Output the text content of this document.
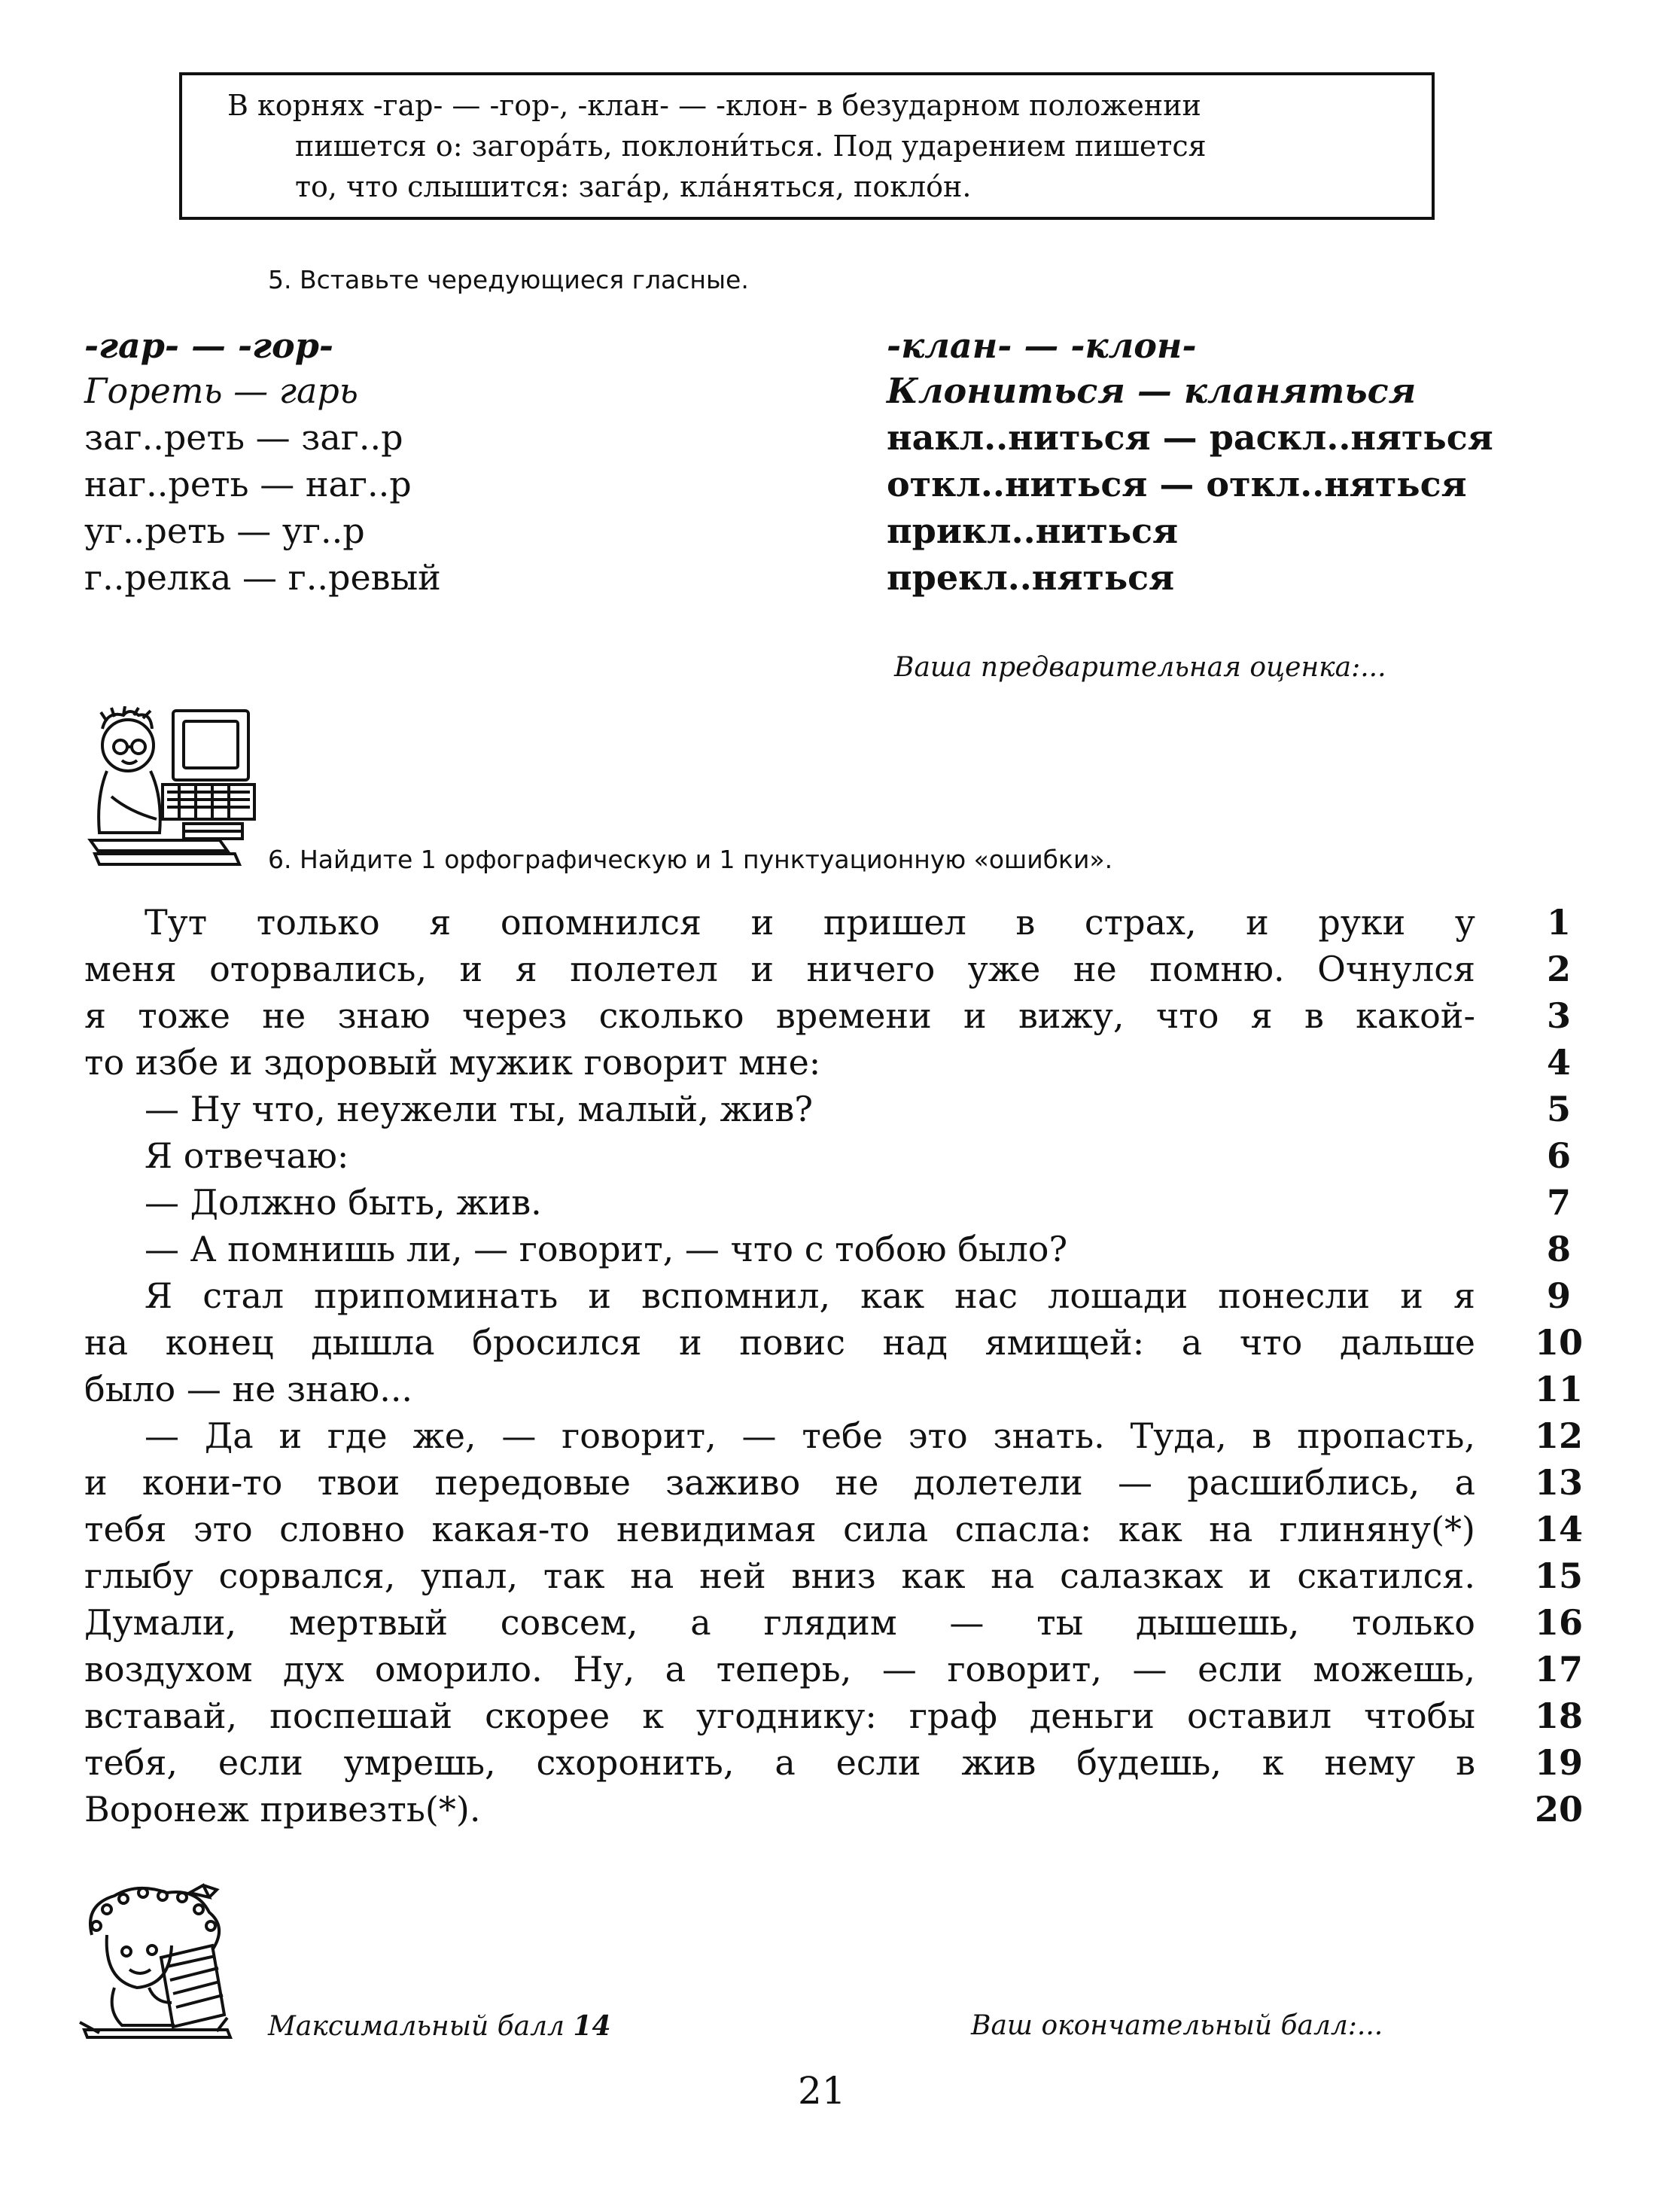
В корнях -гар- — -гор-, -клан- — -клон- в безударном положении
пишется о: загора́ть, поклони́ться. Под ударением пишется
то, что слышится: зага́р, кла́няться, покло́н.
5. Вставьте чередующиеся гласные.
-гар- — -гор-
Гореть — гарь
заг..реть — заг..р
наг..реть — наг..р
уг..реть — уг..р
г..релка — г..ревый
-клан- — -клон-
Клониться — кланяться
накл..ниться — раскл..няться
откл..ниться — откл..няться
прикл..ниться
прекл..няться
Ваша предварительная оценка:...
6. Найдите 1 орфографическую и 1 пунктуационную «ошибки».
Тут только я опомнился и пришел в страх, и руки у
меня оторвались, и я полетел и ничего уже не помню. Очнулся
я тоже не знаю через сколько времени и вижу, что я в какой-
то избе и здоровый мужик говорит мне:
— Ну что, неужели ты, малый, жив?
Я отвечаю:
— Должно быть, жив.
— А помнишь ли, — говорит, — что с тобою было?
Я стал припоминать и вспомнил, как нас лошади понесли и я
на конец дышла бросился и повис над ямищей: а что дальше
было — не знаю...
— Да и где же, — говорит, — тебе это знать. Туда, в пропасть,
и кони-то твои передовые заживо не долетели — расшиблись, а
тебя это словно какая-то невидимая сила спасла: как на глиняну(*)
глыбу сорвался, упал, так на ней вниз как на салазках и скатился.
Думали, мертвый совсем, а глядим — ты дышешь, только
воздухом дух оморило. Ну, а теперь, — говорит, — если можешь,
вставай, поспешай скорее к угоднику: граф деньги оставил чтобы
тебя, если умрешь, схоронить, а если жив будешь, к нему в
Воронеж привезть(*).
1
2
3
4
5
6
7
8
9
10
11
12
13
14
15
16
17
18
19
20
Максимальный балл 14	Ваш окончательный балл:...
21
